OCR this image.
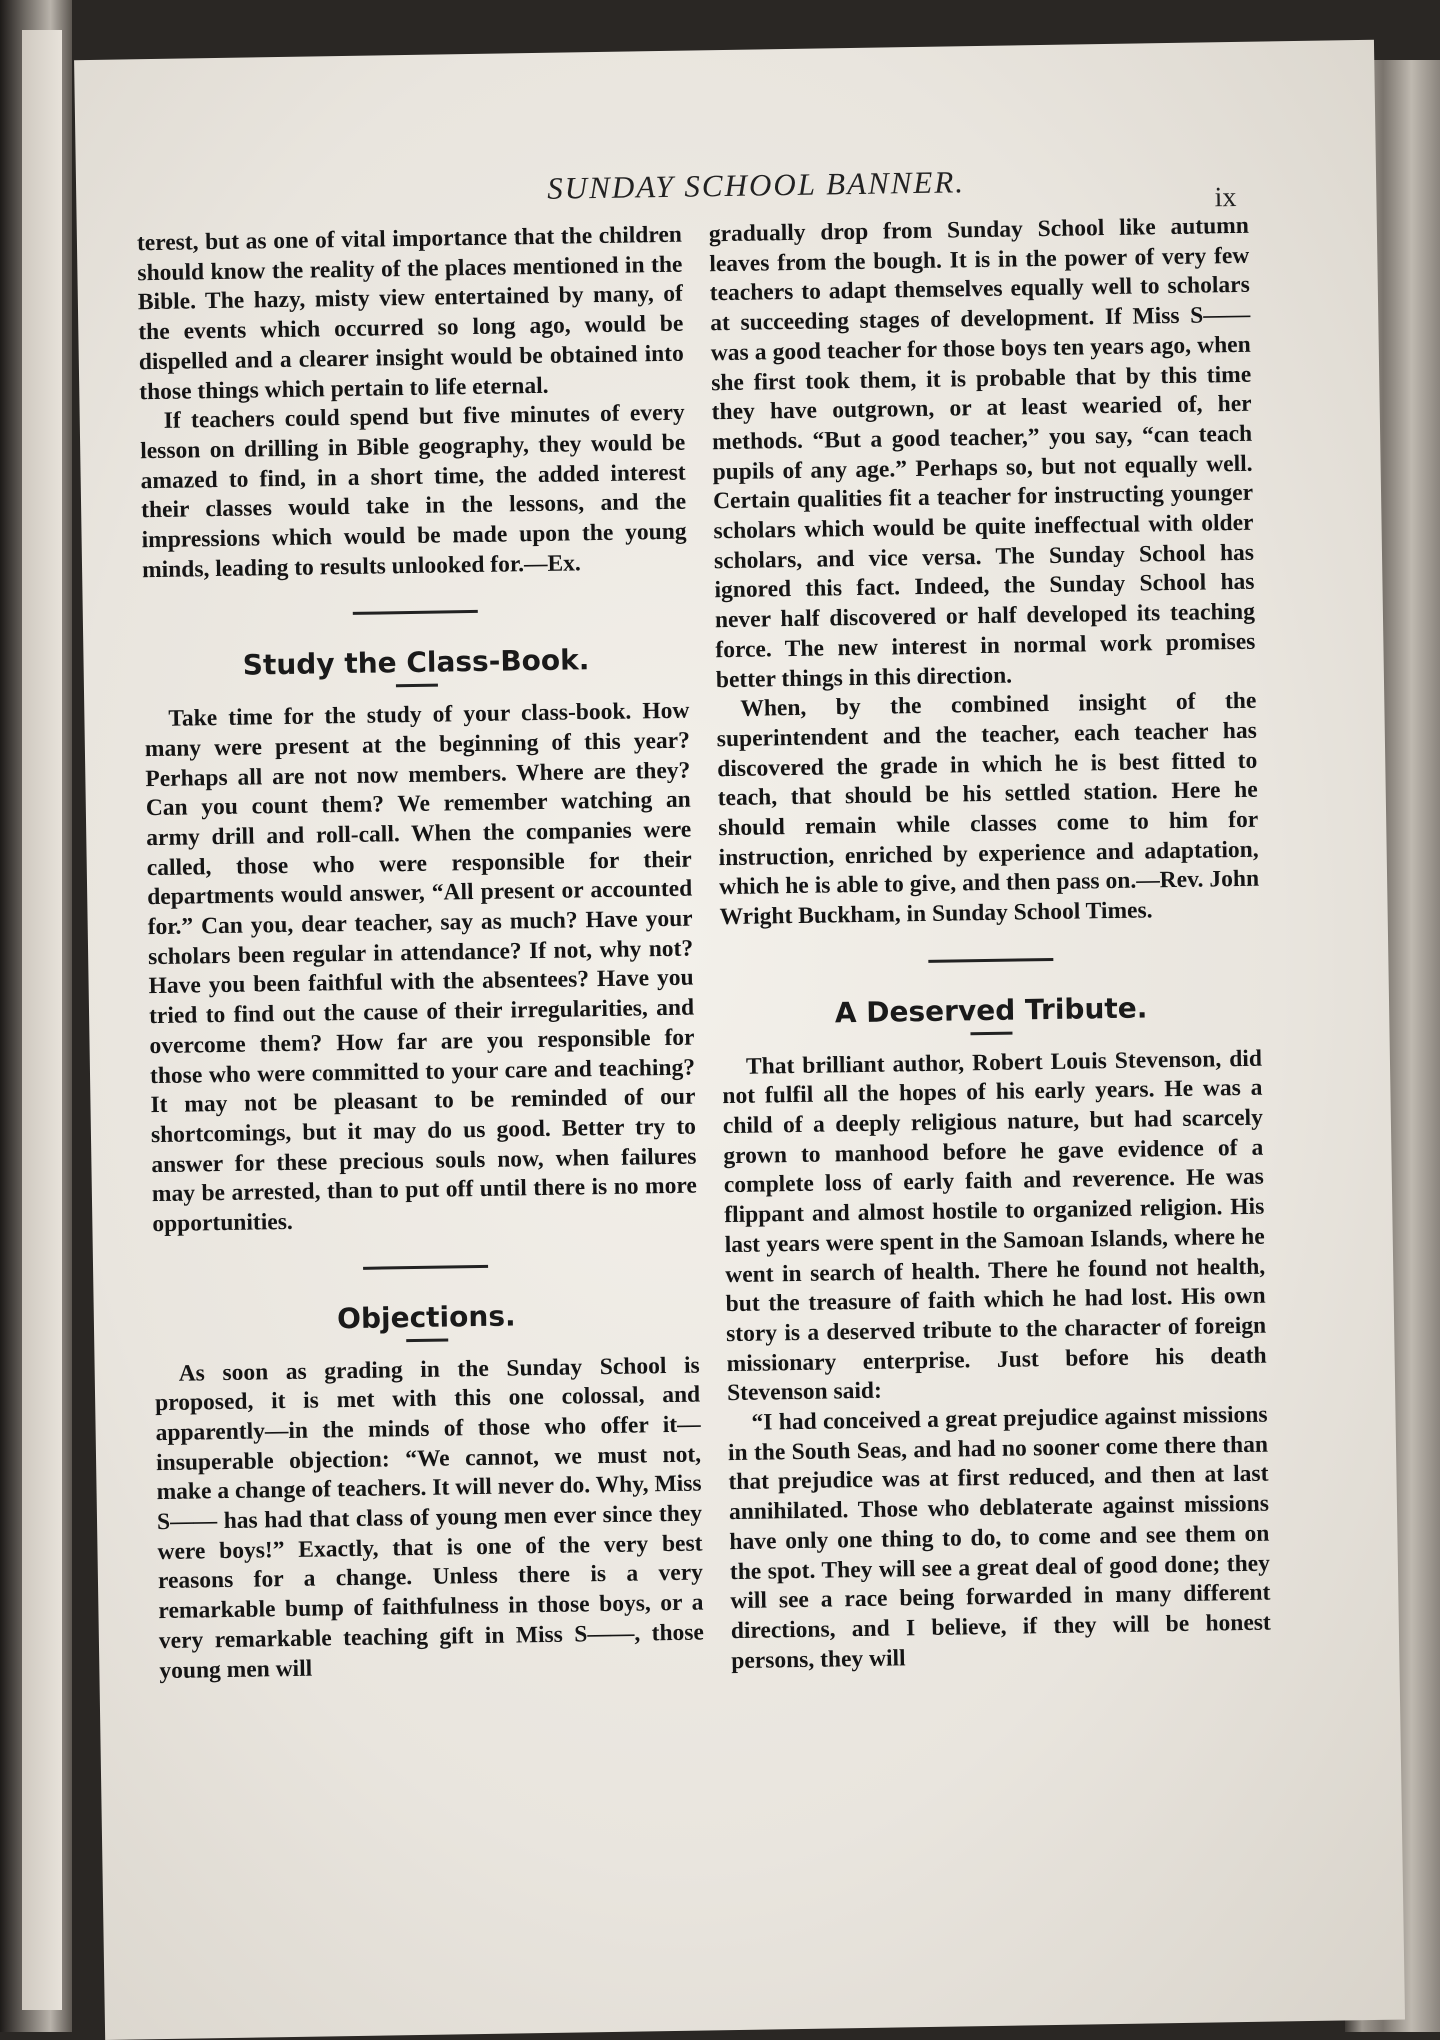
SUNDAY SCHOOL BANNER.	ix

terest, but as one of vital importance that the children should know the reality of the places mentioned in the Bible. The hazy, misty view entertained by many, of the events which occurred so long ago, would be dispelled and a clearer insight would be obtained into those things which pertain to life eternal.

If teachers could spend but five minutes of every lesson on drilling in Bible geography, they would be amazed to find, in a short time, the added interest their classes would take in the lessons, and the impressions which would be made upon the young minds, leading to results unlooked for.—Ex.

Study the Class-Book.

Take time for the study of your class-book. How many were present at the beginning of this year? Perhaps all are not now members. Where are they? Can you count them? We remember watching an army drill and roll-call. When the companies were called, those who were responsible for their departments would answer, “All present or accounted for.” Can you, dear teacher, say as much? Have your scholars been regular in attendance? If not, why not? Have you been faithful with the absentees? Have you tried to find out the cause of their irregularities, and overcome them? How far are you responsible for those who were committed to your care and teaching? It may not be pleasant to be reminded of our shortcomings, but it may do us good. Better try to answer for these precious souls now, when failures may be arrested, than to put off until there is no more opportunities.

Objections.

As soon as grading in the Sunday School is proposed, it is met with this one colossal, and apparently—in the minds of those who offer it—insuperable objection: “We cannot, we must not, make a change of teachers. It will never do. Why, Miss S—— has had that class of young men ever since they were boys!” Exactly, that is one of the very best reasons for a change. Unless there is a very remarkable bump of faithfulness in those boys, or a very remarkable teaching gift in Miss S——, those young men will

gradually drop from Sunday School like autumn leaves from the bough. It is in the power of very few teachers to adapt themselves equally well to scholars at succeeding stages of development. If Miss S—— was a good teacher for those boys ten years ago, when she first took them, it is probable that by this time they have outgrown, or at least wearied of, her methods. “But a good teacher,” you say, “can teach pupils of any age.” Perhaps so, but not equally well. Certain qualities fit a teacher for instructing younger scholars which would be quite ineffectual with older scholars, and vice versa. The Sunday School has ignored this fact. Indeed, the Sunday School has never half discovered or half developed its teaching force. The new interest in normal work promises better things in this direction.

When, by the combined insight of the superintendent and the teacher, each teacher has discovered the grade in which he is best fitted to teach, that should be his settled station. Here he should remain while classes come to him for instruction, enriched by experience and adaptation, which he is able to give, and then pass on.—Rev. John Wright Buckham, in Sunday School Times.

A Deserved Tribute.

That brilliant author, Robert Louis Stevenson, did not fulfil all the hopes of his early years. He was a child of a deeply religious nature, but had scarcely grown to manhood before he gave evidence of a complete loss of early faith and reverence. He was flippant and almost hostile to organized religion. His last years were spent in the Samoan Islands, where he went in search of health. There he found not health, but the treasure of faith which he had lost. His own story is a deserved tribute to the character of foreign missionary enterprise. Just before his death Stevenson said:

“I had conceived a great prejudice against missions in the South Seas, and had no sooner come there than that prejudice was at first reduced, and then at last annihilated. Those who deblaterate against missions have only one thing to do, to come and see them on the spot. They will see a great deal of good done; they will see a race being forwarded in many different directions, and I believe, if they will be honest persons, they will
